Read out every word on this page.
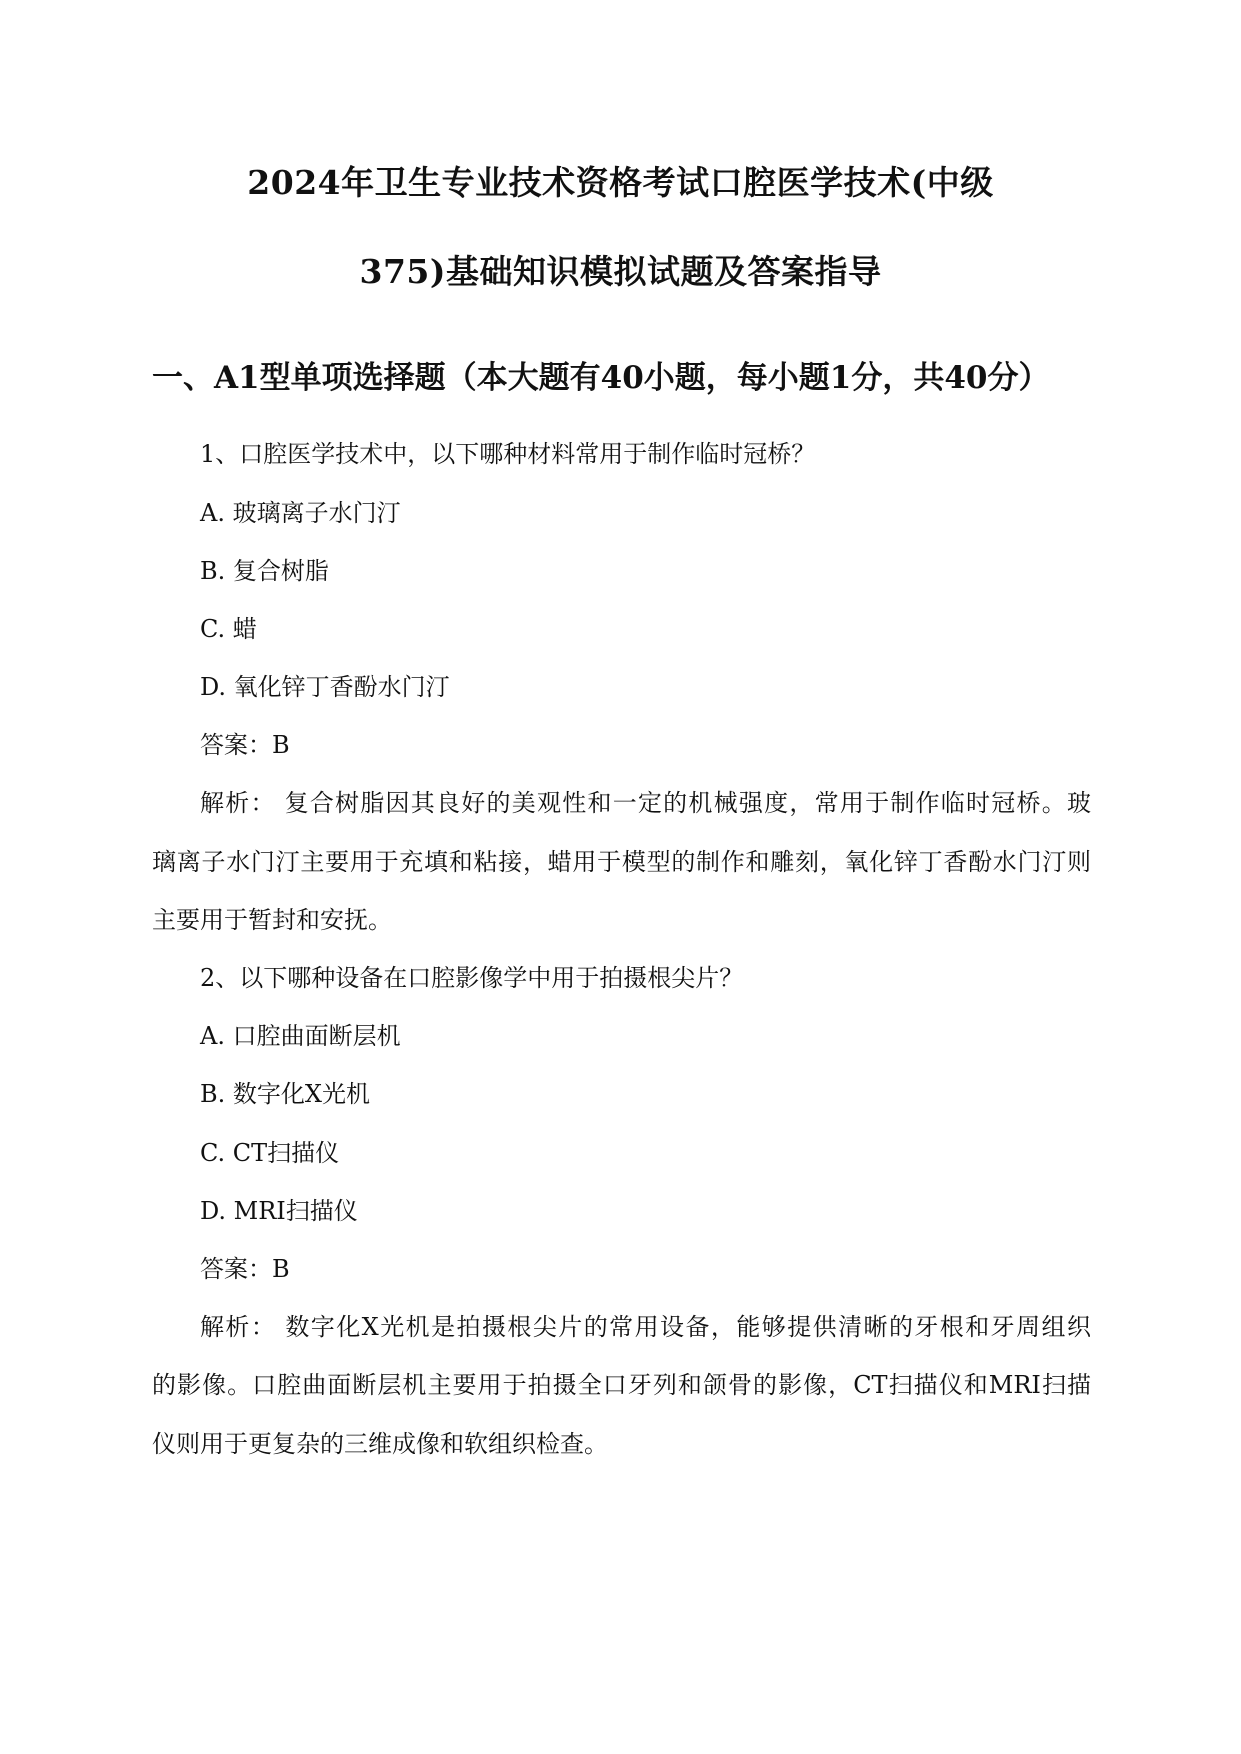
2024年卫生专业技术资格考试口腔医学技术(中级
375)基础知识模拟试题及答案指导
一、A1型单项选择题（本大题有40小题，每小题1分，共40分）
1、口腔医学技术中，以下哪种材料常用于制作临时冠桥？
A. 玻璃离子水门汀
B. 复合树脂
C. 蜡
D. 氧化锌丁香酚水门汀
答案：B
解析： 复合树脂因其良好的美观性和一定的机械强度，常用于制作临时冠桥。玻
璃离子水门汀主要用于充填和粘接，蜡用于模型的制作和雕刻，氧化锌丁香酚水门汀则
主要用于暂封和安抚。
2、以下哪种设备在口腔影像学中用于拍摄根尖片？
A. 口腔曲面断层机
B. 数字化X光机
C. CT扫描仪
D. MRI扫描仪
答案：B
解析： 数字化X光机是拍摄根尖片的常用设备，能够提供清晰的牙根和牙周组织
的影像。口腔曲面断层机主要用于拍摄全口牙列和颌骨的影像，CT扫描仪和MRI扫描
仪则用于更复杂的三维成像和软组织检查。
